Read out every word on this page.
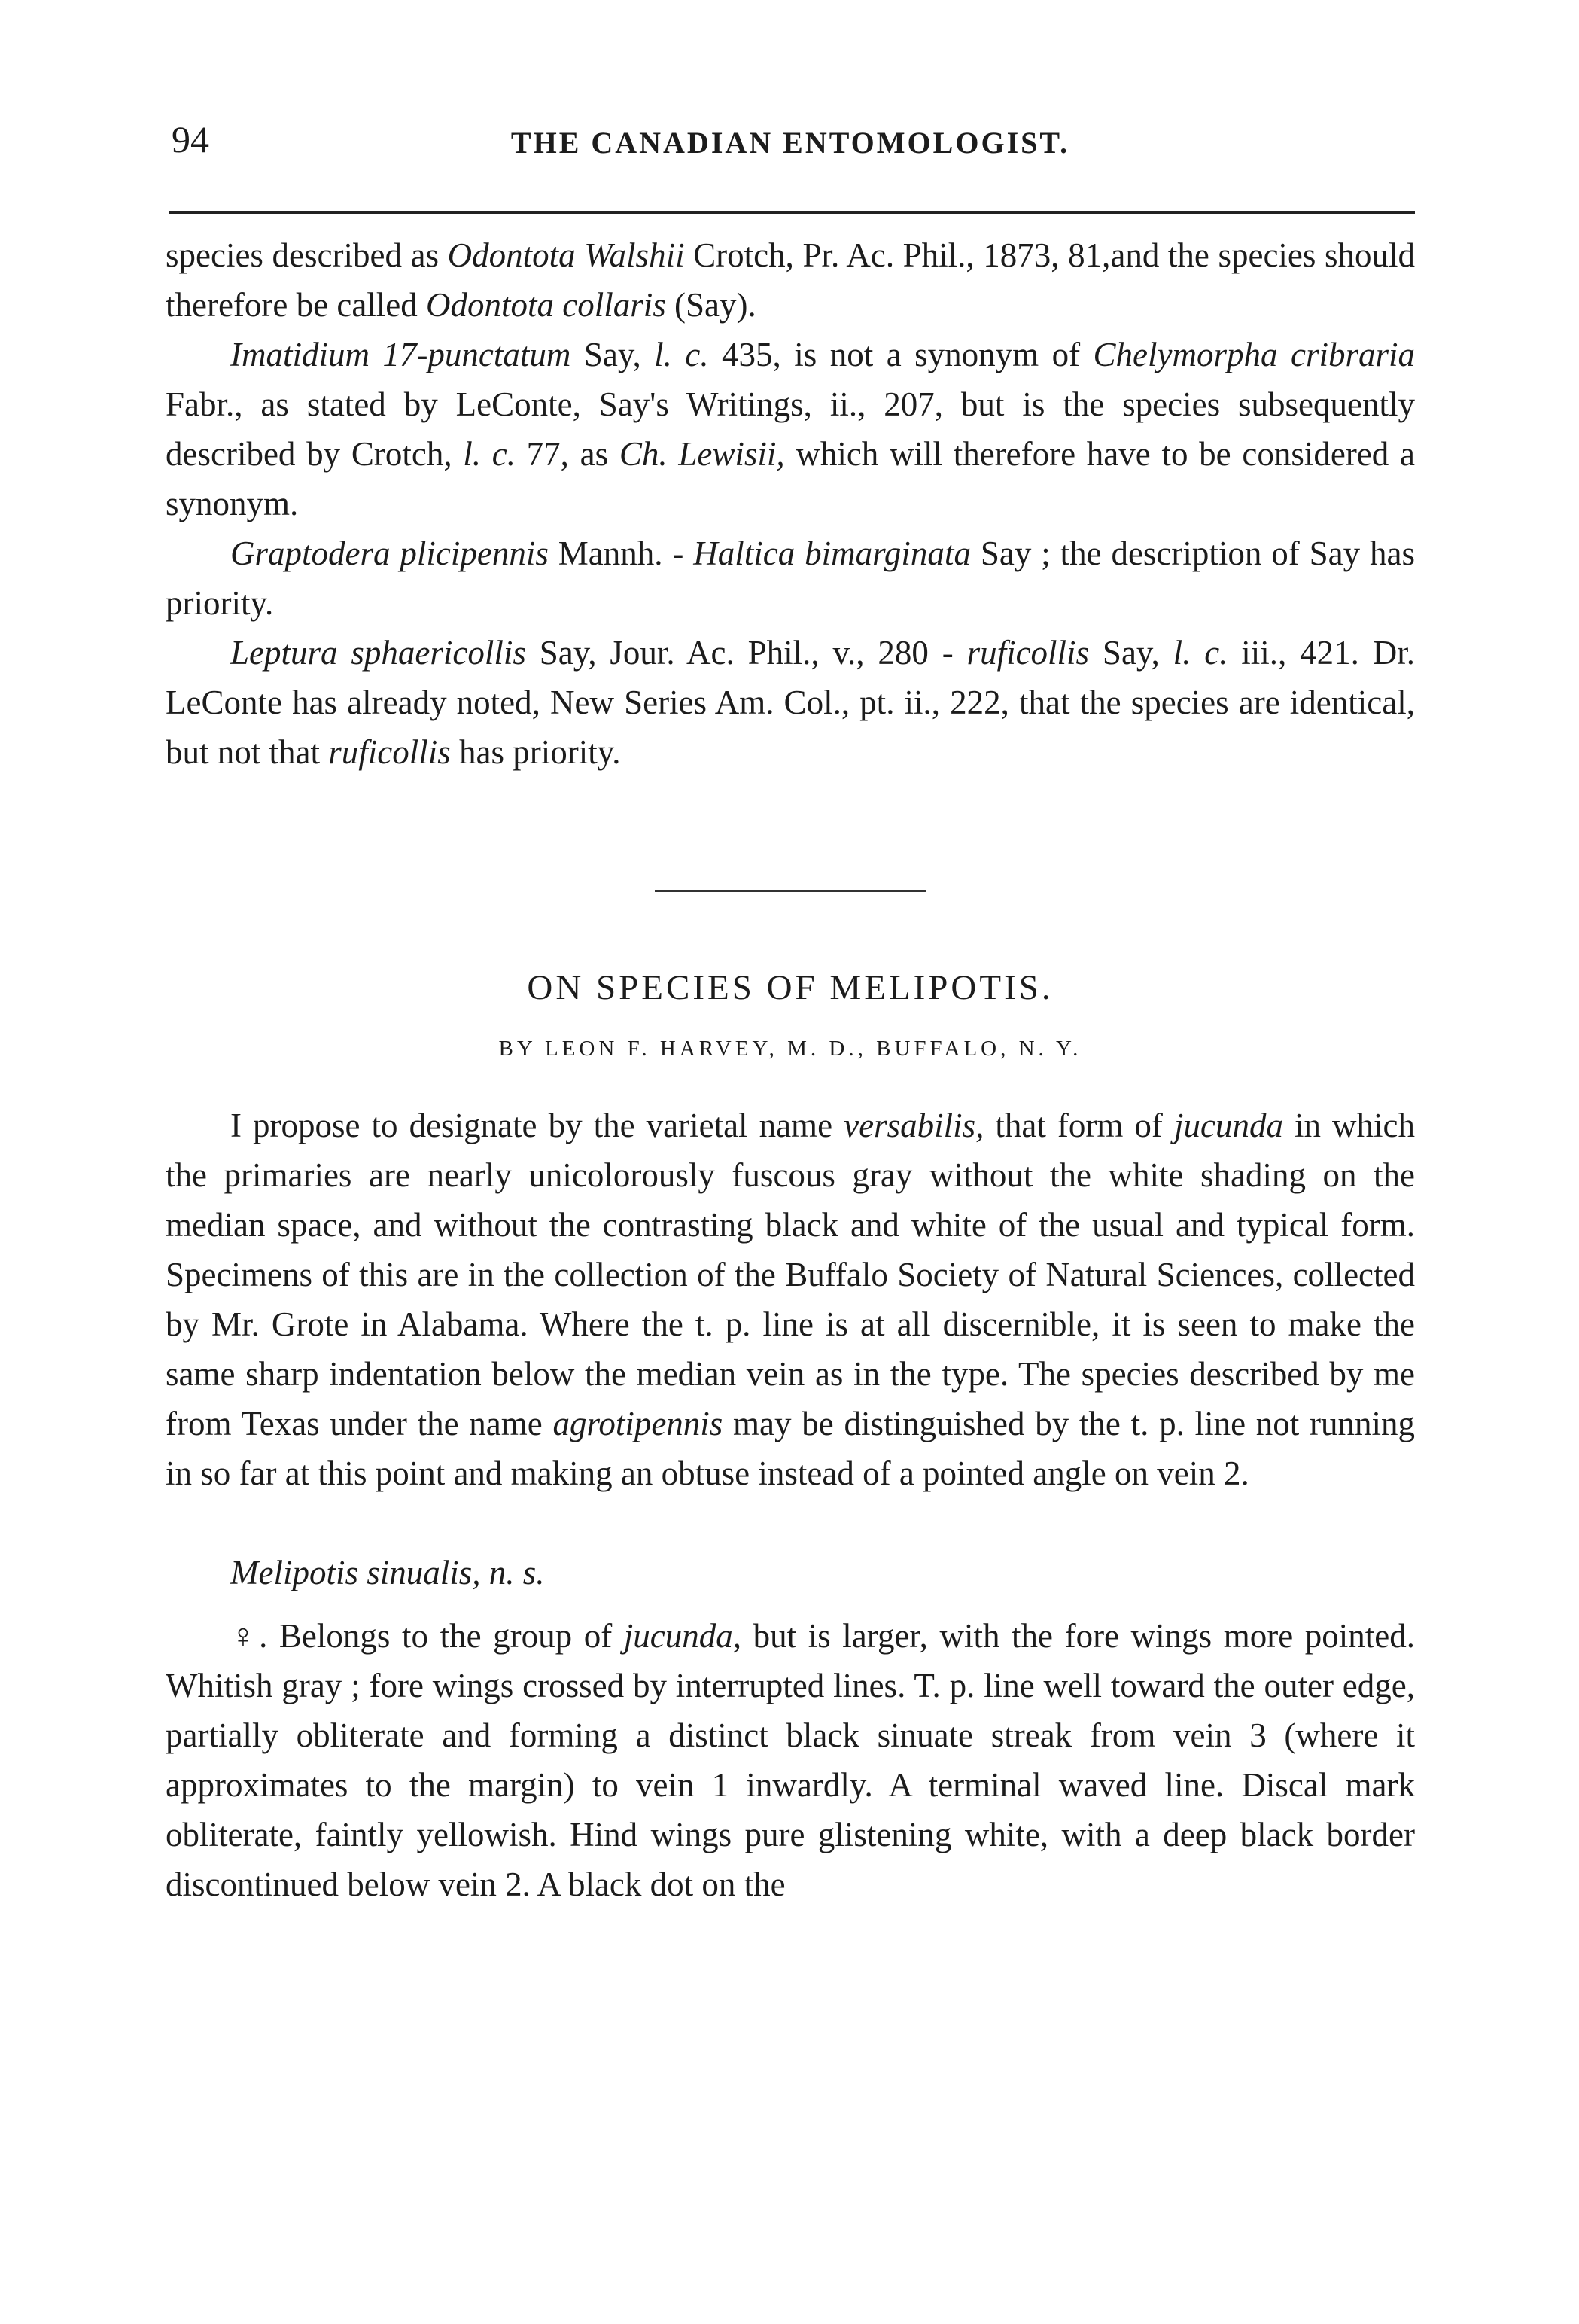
94	THE CANADIAN ENTOMOLOGIST.

species described as Odontota Walshii Crotch, Pr. Ac. Phil., 1873, 81,and the species should therefore be called Odontota collaris (Say).

Imatidium 17-punctatum Say, l. c. 435, is not a synonym of Chelymorpha cribraria Fabr., as stated by LeConte, Say's Writings, ii., 207, but is the species subsequently described by Crotch, l. c. 77, as Ch. Lewisii, which will therefore have to be considered a synonym.

Graptodera plicipennis Mannh. - Haltica bimarginata Say ; the description of Say has priority.

Leptura sphaericollis Say, Jour. Ac. Phil., v., 280 - ruficollis Say, l. c. iii., 421. Dr. LeConte has already noted, New Series Am. Col., pt. ii., 222, that the species are identical, but not that ruficollis has priority.

ON SPECIES OF MELIPOTIS.
BY LEON F. HARVEY, M. D., BUFFALO, N. Y.

I propose to designate by the varietal name versabilis, that form of jucunda in which the primaries are nearly unicolorously fuscous gray without the white shading on the median space, and without the contrasting black and white of the usual and typical form. Specimens of this are in the collection of the Buffalo Society of Natural Sciences, collected by Mr. Grote in Alabama. Where the t. p. line is at all discernible, it is seen to make the same sharp indentation below the median vein as in the type. The species described by me from Texas under the name agrotipennis may be distinguished by the t. p. line not running in so far at this point and making an obtuse instead of a pointed angle on vein 2.

Melipotis sinualis, n. s.

♀. Belongs to the group of jucunda, but is larger, with the fore wings more pointed. Whitish gray ; fore wings crossed by interrupted lines. T. p. line well toward the outer edge, partially obliterate and forming a distinct black sinuate streak from vein 3 (where it approximates to the margin) to vein 1 inwardly. A terminal waved line. Discal mark obliterate, faintly yellowish. Hind wings pure glistening white, with a deep black border discontinued below vein 2. A black dot on the
